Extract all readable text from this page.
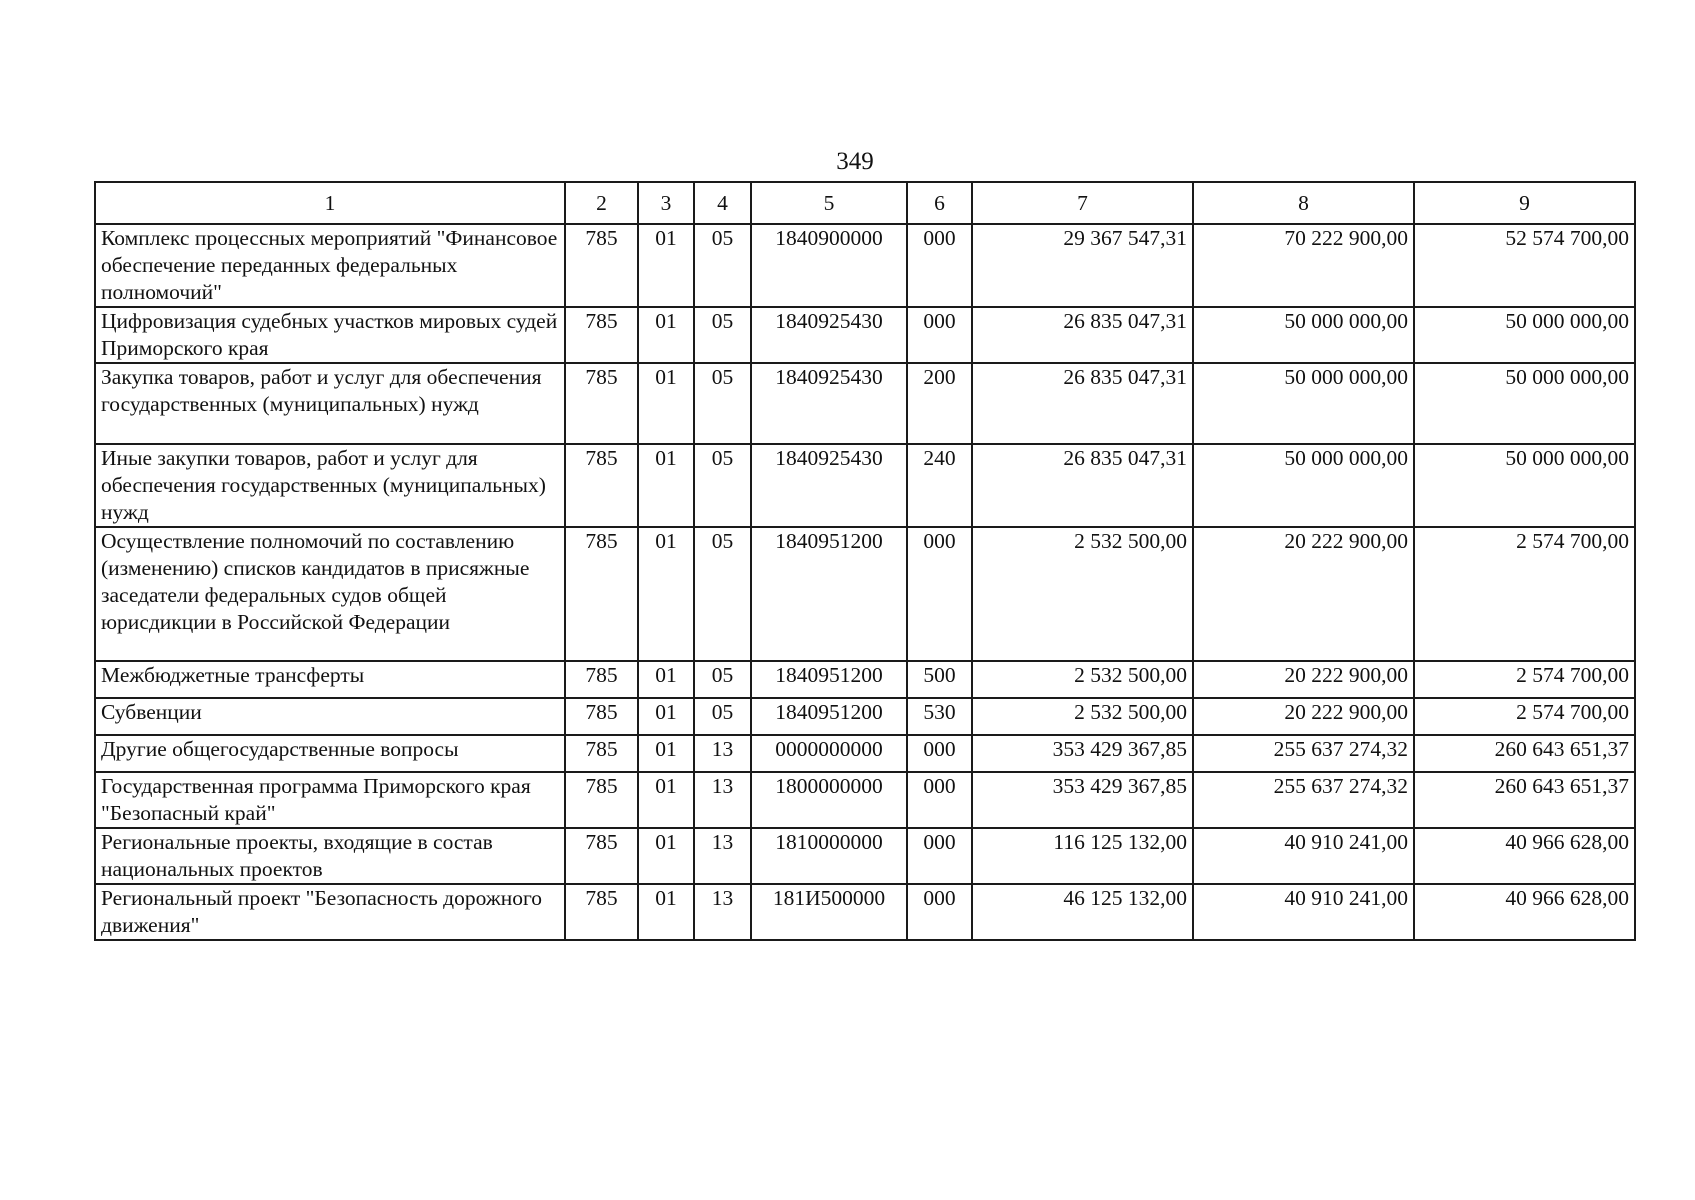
349
1	2	3	4	5	6	7	8	9
Комплекс процессных мероприятий "Финансовое обеспечение переданных федеральных полномочий"	785	01	05	1840900000	000	29 367 547,31	70 222 900,00	52 574 700,00
Цифровизация судебных участков мировых судей Приморского края	785	01	05	1840925430	000	26 835 047,31	50 000 000,00	50 000 000,00
Закупка товаров, работ и услуг для обеспечения государственных (муниципальных) нужд	785	01	05	1840925430	200	26 835 047,31	50 000 000,00	50 000 000,00
Иные закупки товаров, работ и услуг для обеспечения государственных (муниципальных) нужд	785	01	05	1840925430	240	26 835 047,31	50 000 000,00	50 000 000,00
Осуществление полномочий по составлению (изменению) списков кандидатов в присяжные заседатели федеральных судов общей юрисдикции в Российской Федерации	785	01	05	1840951200	000	2 532 500,00	20 222 900,00	2 574 700,00
Межбюджетные трансферты	785	01	05	1840951200	500	2 532 500,00	20 222 900,00	2 574 700,00
Субвенции	785	01	05	1840951200	530	2 532 500,00	20 222 900,00	2 574 700,00
Другие общегосударственные вопросы	785	01	13	0000000000	000	353 429 367,85	255 637 274,32	260 643 651,37
Государственная программа Приморского края "Безопасный край"	785	01	13	1800000000	000	353 429 367,85	255 637 274,32	260 643 651,37
Региональные проекты, входящие в состав национальных проектов	785	01	13	1810000000	000	116 125 132,00	40 910 241,00	40 966 628,00
Региональный проект "Безопасность дорожного движения"	785	01	13	181И500000	000	46 125 132,00	40 910 241,00	40 966 628,00
